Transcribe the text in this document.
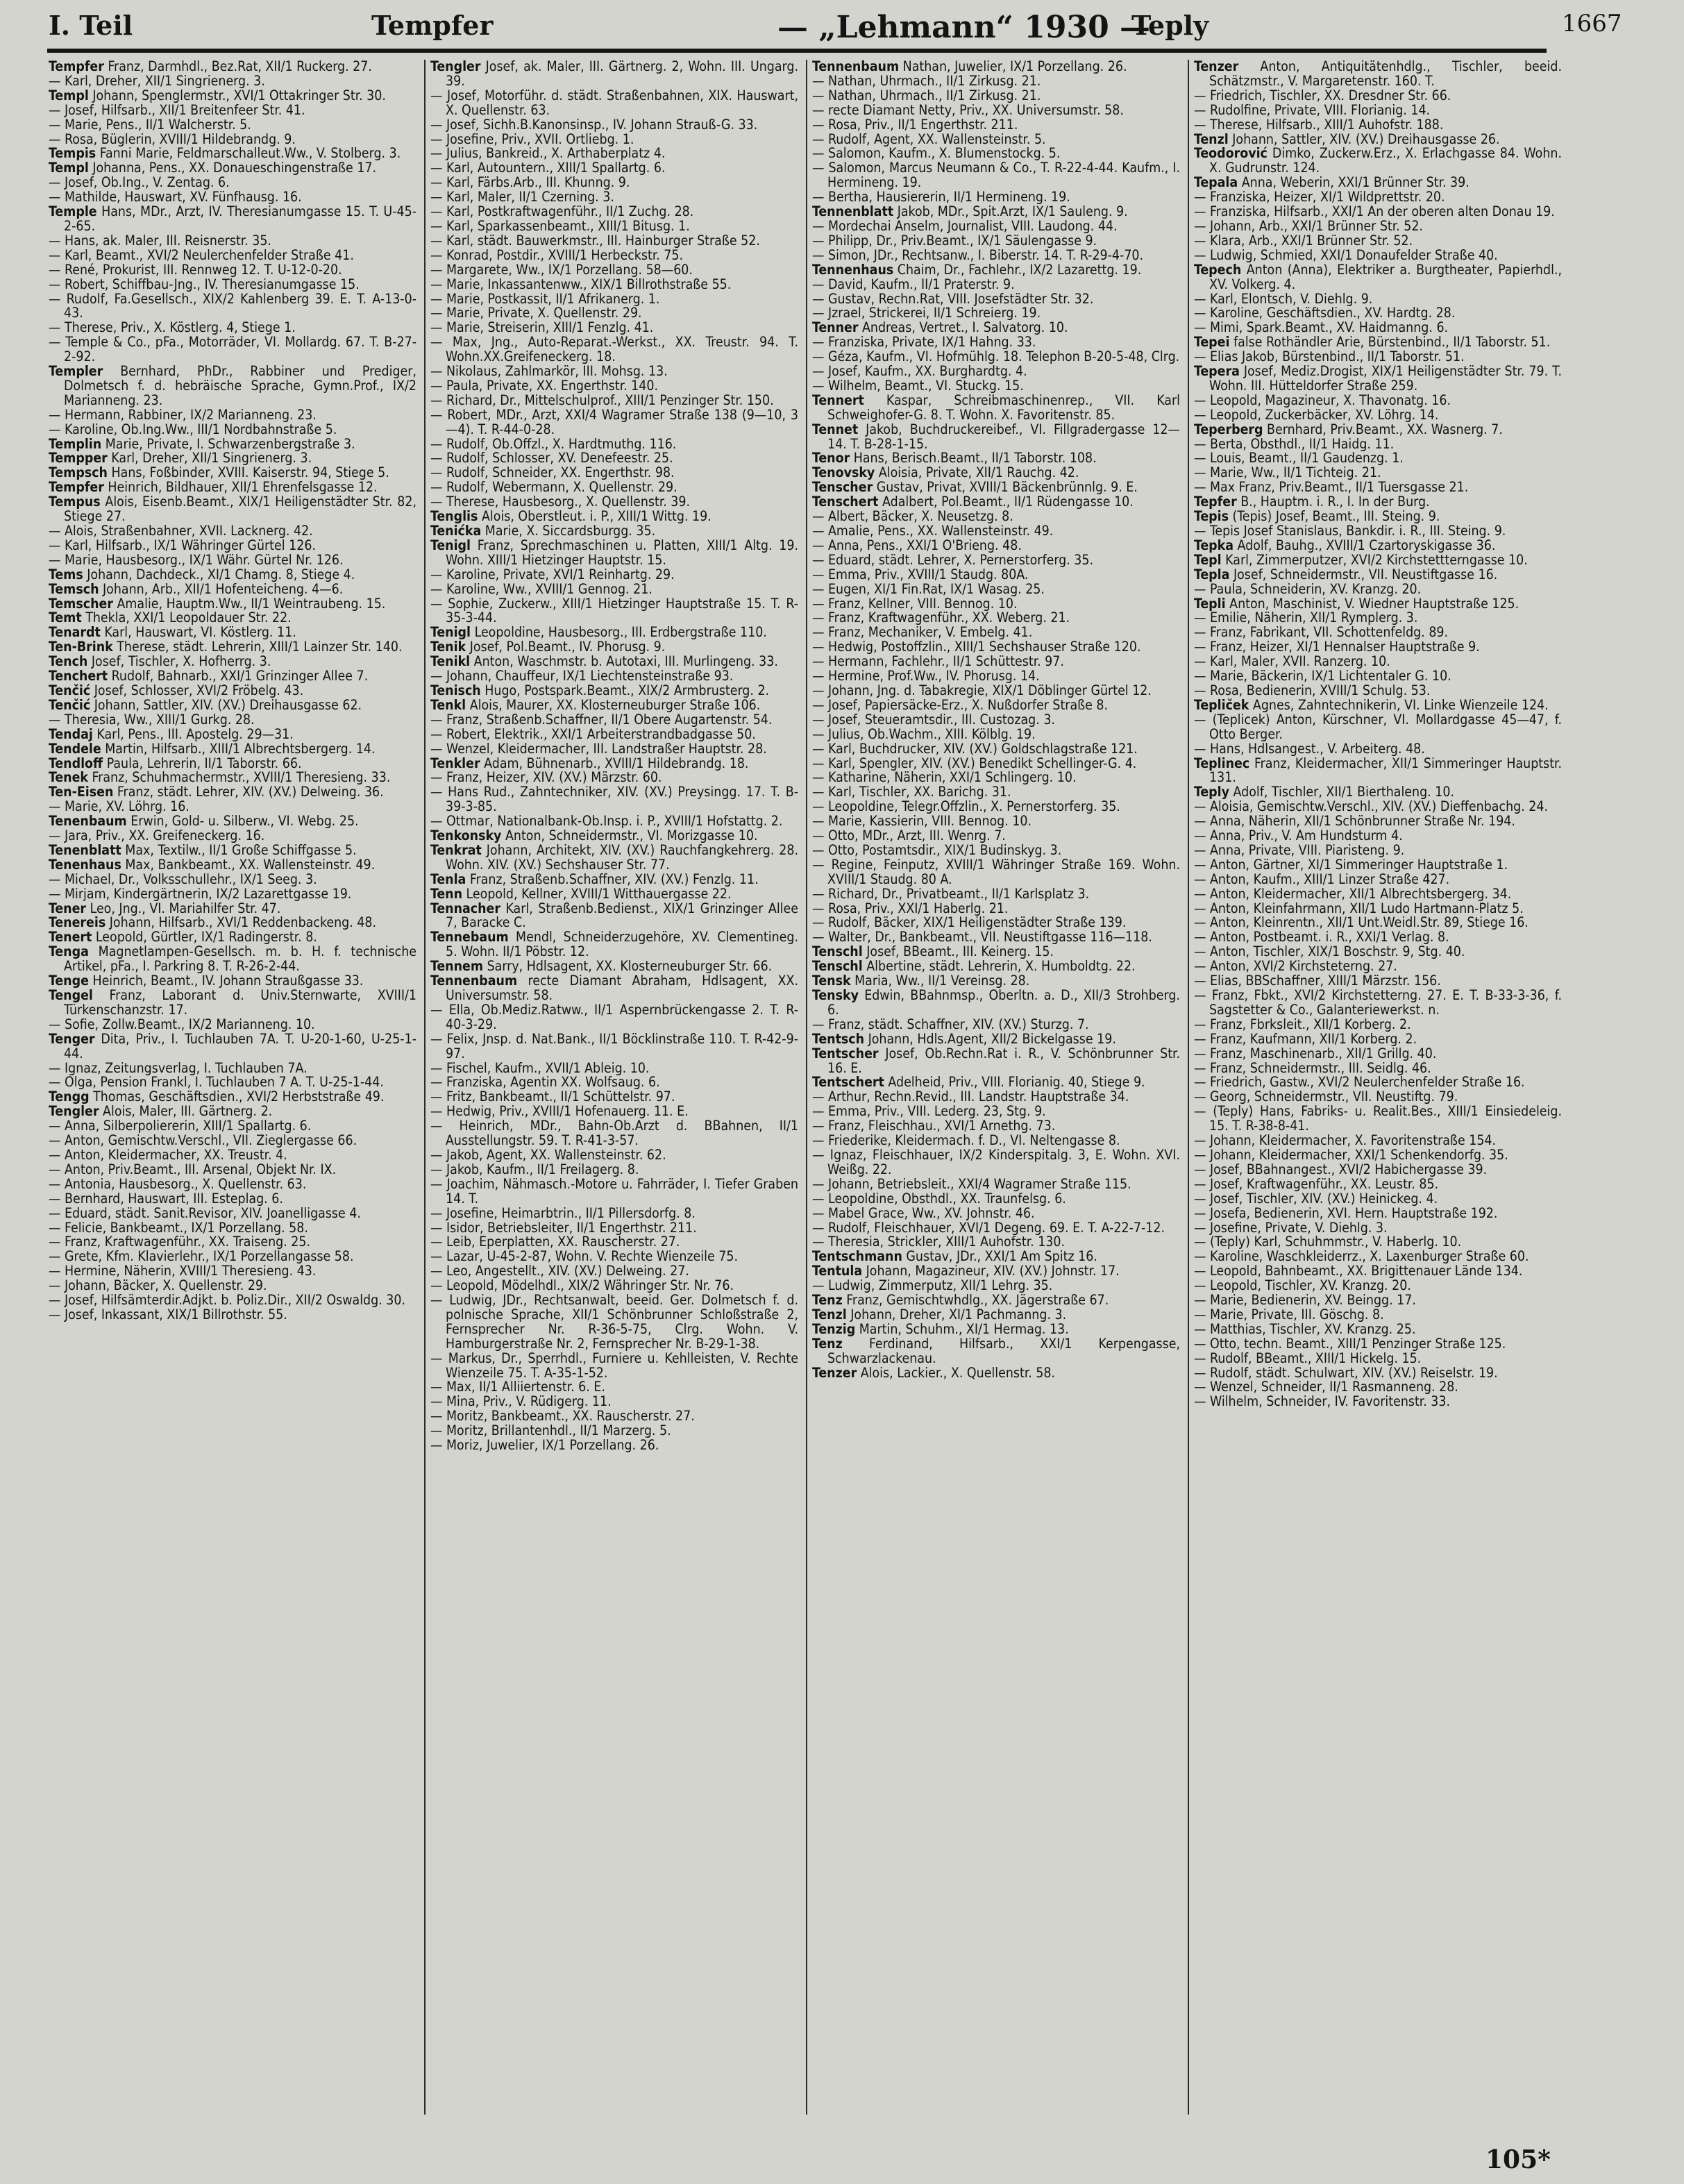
I. Teil	Tempfer	— „Lehmann“ 1930 —
Teply	1667
Tempfer Franz, Darmhdl., Bez.Rat, XII/1 Ruckerg. 27.
— Karl, Dreher, XII/1 Singrienerg. 3.
Templ Johann, Spenglermstr., XVI/1 Ottakringer Str. 30.
— Josef, Hilfsarb., XII/1 Breitenfeer Str. 41.
— Marie, Pens., II/1 Walcherstr. 5.
— Rosa, Büglerin, XVIII/1 Hildebrandg. 9.
Tempis Fanni Marie, Feldmarschalleut.Ww., V. Stolberg. 3.
Templ Johanna, Pens., XX. Donaueschingenstraße 17.
— Josef, Ob.Ing., V. Zentag. 6.
— Mathilde, Hauswart, XV. Fünfhausg. 16.
Temple Hans, MDr., Arzt, IV. Theresianumgasse 15. T. U-45-2-65.
— Hans, ak. Maler, III. Reisnerstr. 35.
— Karl, Beamt., XVI/2 Neulerchenfelder Straße 41.
— René, Prokurist, III. Rennweg 12. T. U-12-0-20.
— Robert, Schiffbau-Jng., IV. Theresianumgasse 15.
— Rudolf, Fa.Gesellsch., XIX/2 Kahlenberg 39. E. T. A-13-0-43.
— Therese, Priv., X. Köstlerg. 4, Stiege 1.
— Temple & Co., pFa., Motorräder, VI. Mollardg. 67. T. B-27-2-92.
Templer Bernhard, PhDr., Rabbiner und Prediger, Dolmetsch f. d. hebräische Sprache, Gymn.Prof., IX/2 Marianneng. 23.
— Hermann, Rabbiner, IX/2 Marianneng. 23.
— Karoline, Ob.Ing.Ww., III/1 Nordbahnstraße 5.
Templin Marie, Private, I. Schwarzenbergstraße 3.
Tempper Karl, Dreher, XII/1 Singrienerg. 3.
Tempsch Hans, Foßbinder, XVIII. Kaiserstr. 94, Stiege 5.
Tempfer Heinrich, Bildhauer, XII/1 Ehrenfelsgasse 12.
Tempus Alois, Eisenb.Beamt., XIX/1 Heiligenstädter Str. 82, Stiege 27.
— Alois, Straßenbahner, XVII. Lacknerg. 42.
— Karl, Hilfsarb., IX/1 Währinger Gürtel 126.
— Marie, Hausbesorg., IX/1 Währ. Gürtel Nr. 126.
Tems Johann, Dachdeck., XI/1 Chamg. 8, Stiege 4.
Temsch Johann, Arb., XII/1 Hofenteicheng. 4—6.
Temscher Amalie, Hauptm.Ww., II/1 Weintraubeng. 15.
Temt Thekla, XXI/1 Leopoldauer Str. 22.
Tenardt Karl, Hauswart, VI. Köstlerg. 11.
Ten-Brink Therese, städt. Lehrerin, XIII/1 Lainzer Str. 140.
Tench Josef, Tischler, X. Hofherrg. 3.
Tenchert Rudolf, Bahnarb., XXI/1 Grinzinger Allee 7.
Tenčić Josef, Schlosser, XVI/2 Fröbelg. 43.
Tenčić Johann, Sattler, XIV. (XV.) Dreihausgasse 62.
— Theresia, Ww., XIII/1 Gurkg. 28.
Tendaj Karl, Pens., III. Apostelg. 29—31.
Tendele Martin, Hilfsarb., XIII/1 Albrechtsbergerg. 14.
Tendloff Paula, Lehrerin, II/1 Taborstr. 66.
Tenek Franz, Schuhmachermstr., XVIII/1 Theresieng. 33.
Ten-Eisen Franz, städt. Lehrer, XIV. (XV.) Delweing. 36.
— Marie, XV. Löhrg. 16.
Tenenbaum Erwin, Gold- u. Silberw., VI. Webg. 25.
— Jara, Priv., XX. Greifeneckerg. 16.
Tenenblatt Max, Textilw., II/1 Große Schiffgasse 5.
Tenenhaus Max, Bankbeamt., XX. Wallensteinstr. 49.
— Michael, Dr., Volksschullehr., IX/1 Seeg. 3.
— Mirjam, Kindergärtnerin, IX/2 Lazarettgasse 19.
Tener Leo, Jng., VI. Mariahilfer Str. 47.
Tenereis Johann, Hilfsarb., XVI/1 Reddenbackeng. 48.
Tenert Leopold, Gürtler, IX/1 Radingerstr. 8.
Tenga Magnetlampen-Gesellsch. m. b. H. f. technische Artikel, pFa., I. Parkring 8. T. R-26-2-44.
Tenge Heinrich, Beamt., IV. Johann Straußgasse 33.
Tengel Franz, Laborant d. Univ.Sternwarte, XVIII/1 Türkenschanzstr. 17.
— Sofie, Zollw.Beamt., IX/2 Marianneng. 10.
Tenger Dita, Priv., I. Tuchlauben 7A. T. U-20-1-60, U-25-1-44.
— Ignaz, Zeitungsverlag, I. Tuchlauben 7A.
— Olga, Pension Frankl, I. Tuchlauben 7 A. T. U-25-1-44.
Tengg Thomas, Geschäftsdien., XVI/2 Herbststraße 49.
Tengler Alois, Maler, III. Gärtnerg. 2.
— Anna, Silberpoliererin, XIII/1 Spallartg. 6.
— Anton, Gemischtw.Verschl., VII. Zieglergasse 66.
— Anton, Kleidermacher, XX. Treustr. 4.
— Anton, Priv.Beamt., III. Arsenal, Objekt Nr. IX.
— Antonia, Hausbesorg., X. Quellenstr. 63.
— Bernhard, Hauswart, III. Esteplag. 6.
— Eduard, städt. Sanit.Revisor, XIV. Joanelligasse 4.
— Felicie, Bankbeamt., IX/1 Porzellang. 58.
— Franz, Kraftwagenführ., XX. Traiseng. 25.
— Grete, Kfm. Klavierlehr., IX/1 Porzellangasse 58.
— Hermine, Näherin, XVIII/1 Theresieng. 43.
— Johann, Bäcker, X. Quellenstr. 29.
— Josef, Hilfsämterdir.Adjkt. b. Poliz.Dir., XII/2 Oswaldg. 30.
— Josef, Inkassant, XIX/1 Billrothstr. 55.
Tengler Josef, ak. Maler, III. Gärtnerg. 2, Wohn. III. Ungarg. 39.
— Josef, Motorführ. d. städt. Straßenbahnen, XIX. Hauswart, X. Quellenstr. 63.
— Josef, Sichh.B.Kanonsinsp., IV. Johann Strauß-G. 33.
— Josefine, Priv., XVII. Ortliebg. 1.
— Julius, Bankreid., X. Arthaberplatz 4.
— Karl, Autountern., XIII/1 Spallartg. 6.
— Karl, Färbs.Arb., III. Khunng. 9.
— Karl, Maler, II/1 Czerning. 3.
— Karl, Postkraftwagenführ., II/1 Zuchg. 28.
— Karl, Sparkassenbeamt., XIII/1 Bitusg. 1.
— Karl, städt. Bauwerkmstr., III. Hainburger Straße 52.
— Konrad, Postdir., XVIII/1 Herbeckstr. 75.
— Margarete, Ww., IX/1 Porzellang. 58—60.
— Marie, Inkassantenww., XIX/1 Billrothstraße 55.
— Marie, Postkassit, II/1 Afrikanerg. 1.
— Marie, Private, X. Quellenstr. 29.
— Marie, Streiserin, XIII/1 Fenzlg. 41.
— Max, Jng., Auto-Reparat.-Werkst., XX. Treustr. 94. T. Wohn.XX.Greifeneckerg. 18.
— Nikolaus, Zahlmarkör, III. Mohsg. 13.
— Paula, Private, XX. Engerthstr. 140.
— Richard, Dr., Mittelschulprof., XIII/1 Penzinger Str. 150.
— Robert, MDr., Arzt, XXI/4 Wagramer Straße 138 (9—10, 3—4). T. R-44-0-28.
— Rudolf, Ob.Offzl., X. Hardtmuthg. 116.
— Rudolf, Schlosser, XV. Denefeestr. 25.
— Rudolf, Schneider, XX. Engerthstr. 98.
— Rudolf, Webermann, X. Quellenstr. 29.
— Therese, Hausbesorg., X. Quellenstr. 39.
Tenglis Alois, Oberstleut. i. P., XIII/1 Wittg. 19.
Tenićka Marie, X. Siccardsburgg. 35.
Tenigl Franz, Sprechmaschinen u. Platten, XIII/1 Altg. 19. Wohn. XIII/1 Hietzinger Hauptstr. 15.
— Karoline, Private, XVI/1 Reinhartg. 29.
— Karoline, Ww., XVIII/1 Gennog. 21.
— Sophie, Zuckerw., XIII/1 Hietzinger Hauptstraße 15. T. R-35-3-44.
Tenigl Leopoldine, Hausbesorg., III. Erdbergstraße 110.
Tenik Josef, Pol.Beamt., IV. Phorusg. 9.
Tenikl Anton, Waschmstr. b. Autotaxi, III. Murlingeng. 33.
— Johann, Chauffeur, IX/1 Liechtensteinstraße 93.
Tenisch Hugo, Postspark.Beamt., XIX/2 Armbrusterg. 2.
Tenkl Alois, Maurer, XX. Klosterneuburger Straße 106.
— Franz, Straßenb.Schaffner, II/1 Obere Augartenstr. 54.
— Robert, Elektrik., XXI/1 Arbeiterstrandbadgasse 50.
— Wenzel, Kleidermacher, III. Landstraßer Hauptstr. 28.
Tenkler Adam, Bühnenarb., XVIII/1 Hildebrandg. 18.
— Franz, Heizer, XIV. (XV.) Märzstr. 60.
— Hans Rud., Zahntechniker, XIV. (XV.) Preysingg. 17. T. B-39-3-85.
— Ottmar, Nationalbank-Ob.Insp. i. P., XVIII/1 Hofstattg. 2.
Tenkonsky Anton, Schneidermstr., VI. Morizgasse 10.
Tenkrat Johann, Architekt, XIV. (XV.) Rauchfangkehrerg. 28. Wohn. XIV. (XV.) Sechshauser Str. 77.
Tenla Franz, Straßenb.Schaffner, XIV. (XV.) Fenzlg. 11.
Tenn Leopold, Kellner, XVIII/1 Witthauergasse 22.
Tennacher Karl, Straßenb.Bedienst., XIX/1 Grinzinger Allee 7, Baracke C.
Tennebaum Mendl, Schneiderzugehöre, XV. Clementineg. 5. Wohn. II/1 Pöbstr. 12.
Tennem Sarry, Hdlsagent, XX. Klosterneuburger Str. 66.
Tennenbaum recte Diamant Abraham, Hdlsagent, XX. Universumstr. 58.
— Ella, Ob.Mediz.Ratww., II/1 Aspernbrückengasse 2. T. R-40-3-29.
— Felix, Jnsp. d. Nat.Bank., II/1 Böcklinstraße 110. T. R-42-9-97.
— Fischel, Kaufm., XVII/1 Ableig. 10.
— Franziska, Agentin XX. Wolfsaug. 6.
— Fritz, Bankbeamt., II/1 Schüttelstr. 97.
— Hedwig, Priv., XVIII/1 Hofenauerg. 11. E.
— Heinrich, MDr., Bahn-Ob.Arzt d. BBahnen, II/1 Ausstellungstr. 59. T. R-41-3-57.
— Jakob, Agent, XX. Wallensteinstr. 62.
— Jakob, Kaufm., II/1 Freilagerg. 8.
— Joachim, Nähmasch.-Motore u. Fahrräder, I. Tiefer Graben 14. T.
— Josefine, Heimarbtrin., II/1 Pillersdorfg. 8.
— Isidor, Betriebsleiter, II/1 Engerthstr. 211.
— Leib, Eperplatten, XX. Rauscherstr. 27.
— Lazar, U-45-2-87, Wohn. V. Rechte Wienzeile 75.
— Leo, Angestellt., XIV. (XV.) Delweing. 27.
— Leopold, Mödelhdl., XIX/2 Währinger Str. Nr. 76.
— Ludwig, JDr., Rechtsanwalt, beeid. Ger. Dolmetsch f. d. polnische Sprache, XII/1 Schönbrunner Schloßstraße 2, Fernsprecher Nr. R-36-5-75, Clrg. Wohn. V. Hamburgerstraße Nr. 2, Fernsprecher Nr. B-29-1-38.
— Markus, Dr., Sperrhdl., Furniere u. Kehlleisten, V. Rechte Wienzeile 75. T. A-35-1-52.
— Max, II/1 Alliiertenstr. 6. E.
— Mina, Priv., V. Rüdigerg. 11.
— Moritz, Bankbeamt., XX. Rauscherstr. 27.
— Moritz, Brillantenhdl., II/1 Marzerg. 5.
— Moriz, Juwelier, IX/1 Porzellang. 26.
Tennenbaum Nathan, Juwelier, IX/1 Porzellang. 26.
— Nathan, Uhrmach., II/1 Zirkusg. 21.
— Nathan, Uhrmach., II/1 Zirkusg. 21.
— recte Diamant Netty, Priv., XX. Universumstr. 58.
— Rosa, Priv., II/1 Engerthstr. 211.
— Rudolf, Agent, XX. Wallensteinstr. 5.
— Salomon, Kaufm., X. Blumenstockg. 5.
— Salomon, Marcus Neumann & Co., T. R-22-4-44. Kaufm., I. Hermineng. 19.
— Bertha, Hausiererin, II/1 Hermineng. 19.
Tennenblatt Jakob, MDr., Spit.Arzt, IX/1 Sauleng. 9.
— Mordechai Anselm, Journalist, VIII. Laudong. 44.
— Philipp, Dr., Priv.Beamt., IX/1 Säulengasse 9.
— Simon, JDr., Rechtsanw., I. Biberstr. 14. T. R-29-4-70.
Tennenhaus Chaim, Dr., Fachlehr., IX/2 Lazarettg. 19.
— David, Kaufm., II/1 Praterstr. 9.
— Gustav, Rechn.Rat, VIII. Josefstädter Str. 32.
— Jzrael, Strickerei, II/1 Schreierg. 19.
Tenner Andreas, Vertret., I. Salvatorg. 10.
— Franziska, Private, IX/1 Hahng. 33.
— Géza, Kaufm., VI. Hofmühlg. 18. Telephon B-20-5-48, Clrg.
— Josef, Kaufm., XX. Burghardtg. 4.
— Wilhelm, Beamt., VI. Stuckg. 15.
Tennert Kaspar, Schreibmaschinenrep., VII. Karl Schweighofer-G. 8. T. Wohn. X. Favoritenstr. 85.
Tennet Jakob, Buchdruckereibef., VI. Fillgradergasse 12—14. T. B-28-1-15.
Tenor Hans, Berisch.Beamt., II/1 Taborstr. 108.
Tenovsky Aloisia, Private, XII/1 Rauchg. 42.
Tenscher Gustav, Privat, XVIII/1 Bäckenbrünnlg. 9. E.
Tenschert Adalbert, Pol.Beamt., II/1 Rüdengasse 10.
— Albert, Bäcker, X. Neusetzg. 8.
— Amalie, Pens., XX. Wallensteinstr. 49.
— Anna, Pens., XXI/1 O'Brieng. 48.
— Eduard, städt. Lehrer, X. Pernerstorferg. 35.
— Emma, Priv., XVIII/1 Staudg. 80A.
— Eugen, XI/1 Fin.Rat, IX/1 Wasag. 25.
— Franz, Kellner, VIII. Bennog. 10.
— Franz, Kraftwagenführ., XX. Weberg. 21.
— Franz, Mechaniker, V. Embelg. 41.
— Hedwig, Postoffzlin., XIII/1 Sechshauser Straße 120.
— Hermann, Fachlehr., II/1 Schüttestr. 97.
— Hermine, Prof.Ww., IV. Phorusg. 14.
— Johann, Jng. d. Tabakregie, XIX/1 Döblinger Gürtel 12.
— Josef, Papiersäcke-Erz., X. Nußdorfer Straße 8.
— Josef, Steueramtsdir., III. Custozag. 3.
— Julius, Ob.Wachm., XIII. Kölblg. 19.
— Karl, Buchdrucker, XIV. (XV.) Goldschlagstraße 121.
— Karl, Spengler, XIV. (XV.) Benedikt Schellinger-G. 4.
— Katharine, Näherin, XXI/1 Schlingerg. 10.
— Karl, Tischler, XX. Barichg. 31.
— Leopoldine, Telegr.Offzlin., X. Pernerstorferg. 35.
— Marie, Kassierin, VIII. Bennog. 10.
— Otto, MDr., Arzt, III. Wenrg. 7.
— Otto, Postamtsdir., XIX/1 Budinskyg. 3.
— Regine, Feinputz, XVIII/1 Währinger Straße 169. Wohn. XVIII/1 Staudg. 80 A.
— Richard, Dr., Privatbeamt., II/1 Karlsplatz 3.
— Rosa, Priv., XXI/1 Haberlg. 21.
— Rudolf, Bäcker, XIX/1 Heiligenstädter Straße 139.
— Walter, Dr., Bankbeamt., VII. Neustiftgasse 116—118.
Tenschl Josef, BBeamt., III. Keinerg. 15.
Tenschl Albertine, städt. Lehrerin, X. Humboldtg. 22.
Tensk Maria, Ww., II/1 Vereinsg. 28.
Tensky Edwin, BBahnmsp., Oberltn. a. D., XII/3 Strohberg. 6.
— Franz, städt. Schaffner, XIV. (XV.) Sturzg. 7.
Tentsch Johann, Hdls.Agent, XII/2 Bickelgasse 19.
Tentscher Josef, Ob.Rechn.Rat i. R., V. Schönbrunner Str. 16. E.
Tentschert Adelheid, Priv., VIII. Florianig. 40, Stiege 9.
— Arthur, Rechn.Revid., III. Landstr. Hauptstraße 34.
— Emma, Priv., VIII. Lederg. 23, Stg. 9.
— Franz, Fleischhau., XVI/1 Arnethg. 73.
— Friederike, Kleidermach. f. D., VI. Neltengasse 8.
— Ignaz, Fleischhauer, IX/2 Kinderspitalg. 3, E. Wohn. XVI. Weißg. 22.
— Johann, Betriebsleit., XXI/4 Wagramer Straße 115.
— Leopoldine, Obsthdl., XX. Traunfelsg. 6.
— Mabel Grace, Ww., XV. Johnstr. 46.
— Rudolf, Fleischhauer, XVI/1 Degeng. 69. E. T. A-22-7-12.
— Theresia, Strickler, XIII/1 Auhofstr. 130.
Tentschmann Gustav, JDr., XXI/1 Am Spitz 16.
Tentula Johann, Magazineur, XIV. (XV.) Johnstr. 17.
— Ludwig, Zimmerputz, XII/1 Lehrg. 35.
Tenz Franz, Gemischtwhdlg., XX. Jägerstraße 67.
Tenzl Johann, Dreher, XI/1 Pachmanng. 3.
Tenzig Martin, Schuhm., XI/1 Hermag. 13.
Tenz Ferdinand, Hilfsarb., XXI/1 Kerpengasse, Schwarzlackenau.
Tenzer Alois, Lackier., X. Quellenstr. 58.
Tenzer Anton, Antiquitätenhdlg., Tischler, beeid. Schätzmstr., V. Margaretenstr. 160. T.
— Friedrich, Tischler, XX. Dresdner Str. 66.
— Rudolfine, Private, VIII. Florianig. 14.
— Therese, Hilfsarb., XIII/1 Auhofstr. 188.
Tenzl Johann, Sattler, XIV. (XV.) Dreihausgasse 26.
Teodorović Dimko, Zuckerw.Erz., X. Erlachgasse 84. Wohn. X. Gudrunstr. 124.
Tepala Anna, Weberin, XXI/1 Brünner Str. 39.
— Franziska, Heizer, XI/1 Wildprettstr. 20.
— Franziska, Hilfsarb., XXI/1 An der oberen alten Donau 19.
— Johann, Arb., XXI/1 Brünner Str. 52.
— Klara, Arb., XXI/1 Brünner Str. 52.
— Ludwig, Schmied, XXI/1 Donaufelder Straße 40.
Tepech Anton (Anna), Elektriker a. Burgtheater, Papierhdl., XV. Volkerg. 4.
— Karl, Elontsch, V. Diehlg. 9.
— Karoline, Geschäftsdien., XV. Hardtg. 28.
— Mimi, Spark.Beamt., XV. Haidmanng. 6.
Tepei false Rothändler Arie, Bürstenbind., II/1 Taborstr. 51.
— Elias Jakob, Bürstenbind., II/1 Taborstr. 51.
Tepera Josef, Mediz.Drogist, XIX/1 Heiligenstädter Str. 79. T. Wohn. III. Hütteldorfer Straße 259.
— Leopold, Magazineur, X. Thavonatg. 16.
— Leopold, Zuckerbäcker, XV. Löhrg. 14.
Teperberg Bernhard, Priv.Beamt., XX. Wasnerg. 7.
— Berta, Obsthdl., II/1 Haidg. 11.
— Louis, Beamt., II/1 Gaudenzg. 1.
— Marie, Ww., II/1 Tichteig. 21.
— Max Franz, Priv.Beamt., II/1 Tuersgasse 21.
Tepfer B., Hauptm. i. R., I. In der Burg.
Tepis (Tepis) Josef, Beamt., III. Steing. 9.
— Tepis Josef Stanislaus, Bankdir. i. R., III. Steing. 9.
Tepka Adolf, Bauhg., XVIII/1 Czartoryskigasse 36.
Tepl Karl, Zimmerputzer, XVI/2 Kirchstettterngasse 10.
Tepla Josef, Schneidermstr., VII. Neustiftgasse 16.
— Paula, Schneiderin, XV. Kranzg. 20.
Tepli Anton, Maschinist, V. Wiedner Hauptstraße 125.
— Emilie, Näherin, XII/1 Rymplerg. 3.
— Franz, Fabrikant, VII. Schottenfeldg. 89.
— Franz, Heizer, XI/1 Hennalser Hauptstraße 9.
— Karl, Maler, XVII. Ranzerg. 10.
— Marie, Bäckerin, IX/1 Lichtentaler G. 10.
— Rosa, Bedienerin, XVIII/1 Schulg. 53.
Tepliček Agnes, Zahntechnikerin, VI. Linke Wienzeile 124.
— (Teplicek) Anton, Kürschner, VI. Mollardgasse 45—47, f. Otto Berger.
— Hans, Hdlsangest., V. Arbeiterg. 48.
Teplinec Franz, Kleidermacher, XII/1 Simmeringer Hauptstr. 131.
Teply Adolf, Tischler, XII/1 Bierthaleng. 10.
— Aloisia, Gemischtw.Verschl., XIV. (XV.) Dieffenbachg. 24.
— Anna, Näherin, XII/1 Schönbrunner Straße Nr. 194.
— Anna, Priv., V. Am Hundsturm 4.
— Anna, Private, VIII. Piaristeng. 9.
— Anton, Gärtner, XI/1 Simmeringer Hauptstraße 1.
— Anton, Kaufm., XIII/1 Linzer Straße 427.
— Anton, Kleidermacher, XII/1 Albrechtsbergerg. 34.
— Anton, Kleinfahrmann, XII/1 Ludo Hartmann-Platz 5.
— Anton, Kleinrentn., XII/1 Unt.Weidl.Str. 89, Stiege 16.
— Anton, Postbeamt. i. R., XXI/1 Verlag. 8.
— Anton, Tischler, XIX/1 Boschstr. 9, Stg. 40.
— Anton, XVI/2 Kirchsteterng. 27.
— Elias, BBSchaffner, XIII/1 Märzstr. 156.
— Franz, Fbkt., XVI/2 Kirchstetterng. 27. E. T. B-33-3-36, f. Sagstetter & Co., Galanteriewerkst. n.
— Franz, Fbrksleit., XII/1 Korberg. 2.
— Franz, Kaufmann, XII/1 Korberg. 2.
— Franz, Maschinenarb., XII/1 Grillg. 40.
— Franz, Schneidermstr., III. Seidlg. 46.
— Friedrich, Gastw., XVI/2 Neulerchenfelder Straße 16.
— Georg, Schneidermstr., VII. Neustiftg. 79.
— (Teply) Hans, Fabriks- u. Realit.Bes., XIII/1 Einsiedeleig. 15. T. R-38-8-41.
— Johann, Kleidermacher, X. Favoritenstraße 154.
— Johann, Kleidermacher, XXI/1 Schenkendorfg. 35.
— Josef, BBahnangest., XVI/2 Habichergasse 39.
— Josef, Kraftwagenführ., XX. Leustr. 85.
— Josef, Tischler, XIV. (XV.) Heinickeg. 4.
— Josefa, Bedienerin, XVI. Hern. Hauptstraße 192.
— Josefine, Private, V. Diehlg. 3.
— (Teply) Karl, Schuhmmstr., V. Haberlg. 10.
— Karoline, Waschkleiderrz., X. Laxenburger Straße 60.
— Leopold, Bahnbeamt., XX. Brigittenauer Lände 134.
— Leopold, Tischler, XV. Kranzg. 20.
— Marie, Bedienerin, XV. Beingg. 17.
— Marie, Private, III. Göschg. 8.
— Matthias, Tischler, XV. Kranzg. 25.
— Otto, techn. Beamt., XIII/1 Penzinger Straße 125.
— Rudolf, BBeamt., XIII/1 Hickelg. 15.
— Rudolf, städt. Schulwart, XIV. (XV.) Reiselstr. 19.
— Wenzel, Schneider, II/1 Rasmanneng. 28.
— Wilhelm, Schneider, IV. Favoritenstr. 33.
105*
